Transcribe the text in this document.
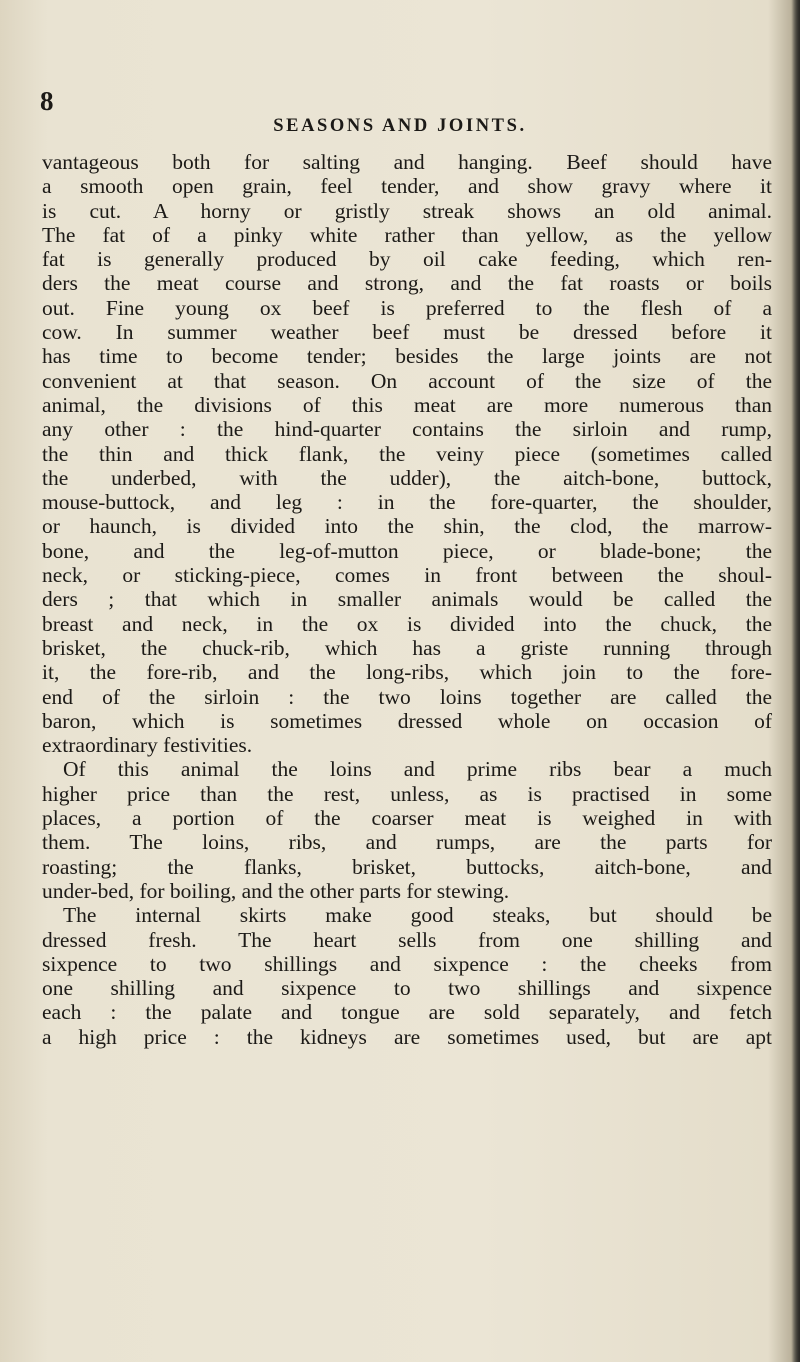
8

SEASONS AND JOINTS.

vantageous both for salting and hanging. Beef should have
a smooth open grain, feel tender, and show gravy where it
is cut. A horny or gristly streak shows an old animal.
The fat of a pinky white rather than yellow, as the yellow
fat is generally produced by oil cake feeding, which ren-
ders the meat course and strong, and the fat roasts or boils
out. Fine young ox beef is preferred to the flesh of a
cow. In summer weather beef must be dressed before it
has time to become tender; besides the large joints are not
convenient at that season. On account of the size of the
animal, the divisions of this meat are more numerous than
any other : the hind-quarter contains the sirloin and rump,
the thin and thick flank, the veiny piece (sometimes called
the underbed, with the udder), the aitch-bone, buttock,
mouse-buttock, and leg : in the fore-quarter, the shoulder,
or haunch, is divided into the shin, the clod, the marrow-
bone, and the leg-of-mutton piece, or blade-bone; the
neck, or sticking-piece, comes in front between the shoul-
ders ; that which in smaller animals would be called the
breast and neck, in the ox is divided into the chuck, the
brisket, the chuck-rib, which has a griste running through
it, the fore-rib, and the long-ribs, which join to the fore-
end of the sirloin : the two loins together are called the
baron, which is sometimes dressed whole on occasion of
extraordinary festivities.
Of this animal the loins and prime ribs bear a much
higher price than the rest, unless, as is practised in some
places, a portion of the coarser meat is weighed in with
them. The loins, ribs, and rumps, are the parts for
roasting; the flanks, brisket, buttocks, aitch-bone, and
under-bed, for boiling, and the other parts for stewing.
The internal skirts make good steaks, but should be
dressed fresh. The heart sells from one shilling and
sixpence to two shillings and sixpence : the cheeks from
one shilling and sixpence to two shillings and sixpence
each : the palate and tongue are sold separately, and fetch
a high price : the kidneys are sometimes used, but are apt
